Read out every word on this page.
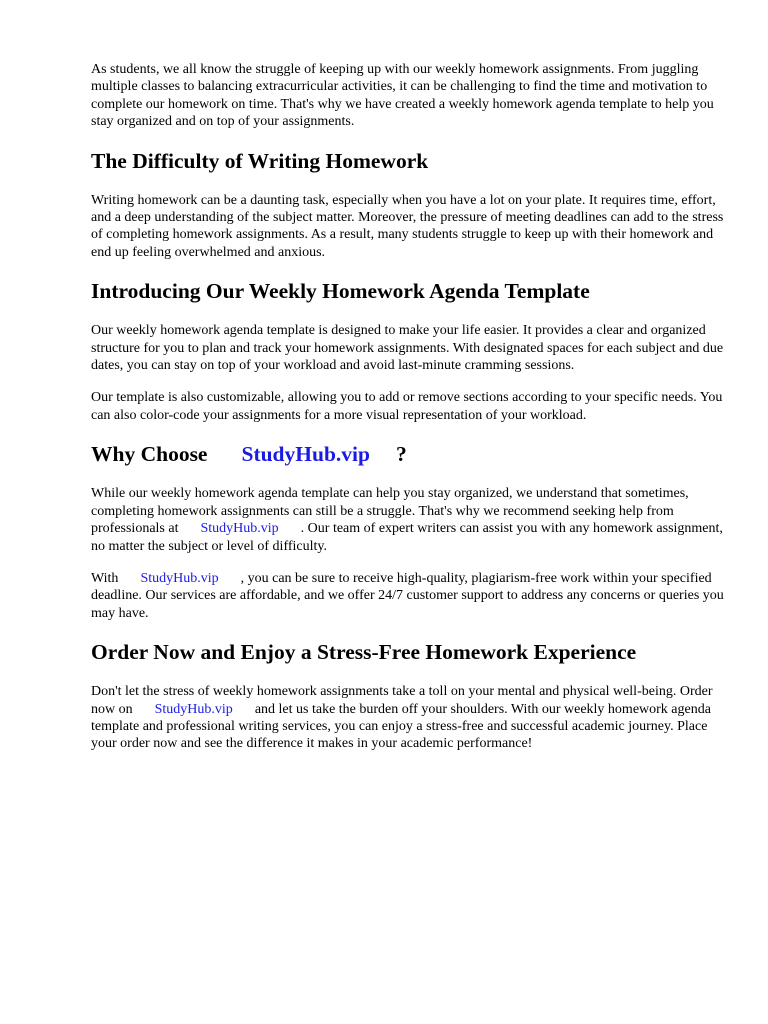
As students, we all know the struggle of keeping up with our weekly homework assignments. From juggling multiple classes to balancing extracurricular activities, it can be challenging to find the time and motivation to complete our homework on time. That's why we have created a weekly homework agenda template to help you stay organized and on top of your assignments.

The Difficulty of Writing Homework

Writing homework can be a daunting task, especially when you have a lot on your plate. It requires time, effort, and a deep understanding of the subject matter. Moreover, the pressure of meeting deadlines can add to the stress of completing homework assignments. As a result, many students struggle to keep up with their homework and end up feeling overwhelmed and anxious.

Introducing Our Weekly Homework Agenda Template

Our weekly homework agenda template is designed to make your life easier. It provides a clear and organized structure for you to plan and track your homework assignments. With designated spaces for each subject and due dates, you can stay on top of your workload and avoid last-minute cramming sessions.

Our template is also customizable, allowing you to add or remove sections according to your specific needs. You can also color-code your assignments for a more visual representation of your workload.

Why Choose StudyHub.vip ?

While our weekly homework agenda template can help you stay organized, we understand that sometimes, completing homework assignments can still be a struggle. That's why we recommend seeking help from professionals at StudyHub.vip . Our team of expert writers can assist you with any homework assignment, no matter the subject or level of difficulty.

With StudyHub.vip , you can be sure to receive high-quality, plagiarism-free work within your specified deadline. Our services are affordable, and we offer 24/7 customer support to address any concerns or queries you may have.

Order Now and Enjoy a Stress-Free Homework Experience

Don't let the stress of weekly homework assignments take a toll on your mental and physical well-being. Order now on StudyHub.vip and let us take the burden off your shoulders. With our weekly homework agenda template and professional writing services, you can enjoy a stress-free and successful academic journey. Place your order now and see the difference it makes in your academic performance!
